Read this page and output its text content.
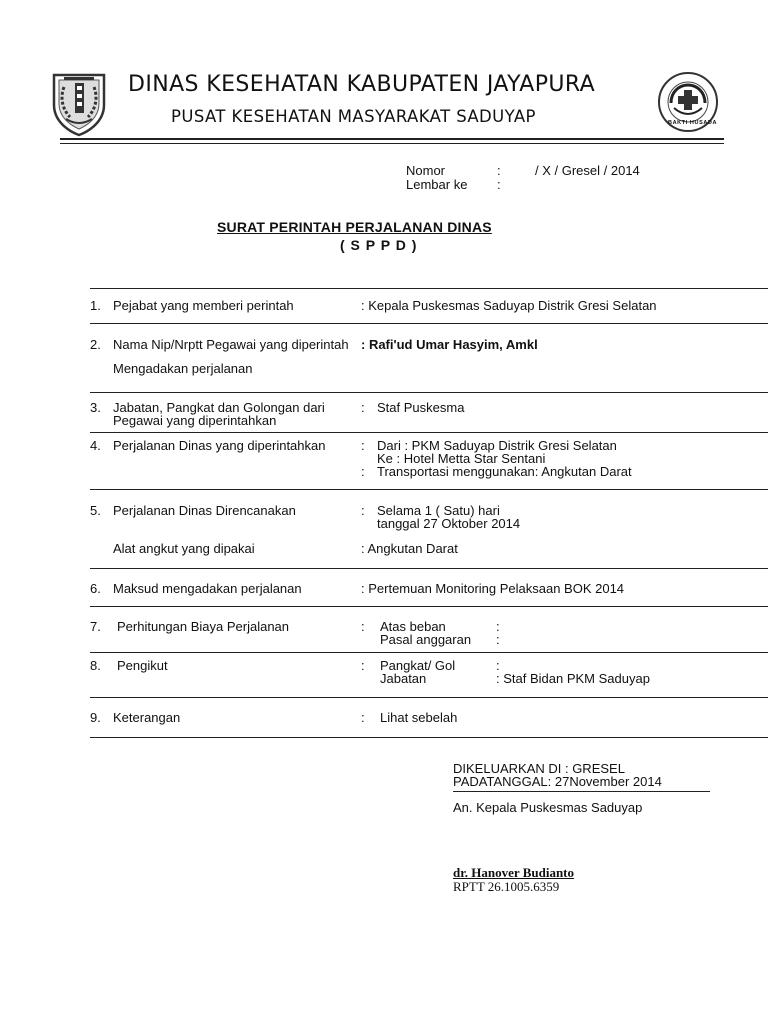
DINAS KESEHATAN KABUPATEN JAYAPURA
PUSAT KESEHATAN MASYARAKAT SADUYAP	BAKTI HUSADA
Nomor	:	/ X / Gresel / 2014
Lembar ke :
SURAT PERINTAH PERJALANAN DINAS
( S P P D )
1. Pejabat yang memberi perintah	: Kepala Puskesmas Saduyap Distrik Gresi Selatan
2. Nama Nip/Nrptt Pegawai yang diperintah : Rafi'ud Umar Hasyim, Amkl
Mengadakan perjalanan
3. Jabatan, Pangkat dan Golongan dari
Pegawai yang diperintahkan
: Staf Puskesma
4. Perjalanan Dinas yang diperintahkan	: Dari : PKM Saduyap Distrik Gresi Selatan
Ke : Hotel Metta Star Sentani
: Transportasi menggunakan: Angkutan Darat
5. Perjalanan Dinas Direncanakan	: Selama 1 ( Satu) hari
tanggal 27 Oktober 2014
Alat angkut yang dipakai	: Angkutan Darat
6. Maksud mengadakan perjalanan	: Pertemuan Monitoring Pelaksaan BOK 2014
7. Perhitungan Biaya Perjalanan	: Atas beban	:
Pasal anggaran :
8. Pengikut	: Pangkat/ Gol	:
Jabatan	: Staf Bidan PKM Saduyap
9. Keterangan	: Lihat sebelah
DIKELUARKAN DI : GRESEL
PADATANGGAL: 27November 2014
An. Kepala Puskesmas Saduyap
dr. Hanover Budianto
RPTT 26.1005.6359
